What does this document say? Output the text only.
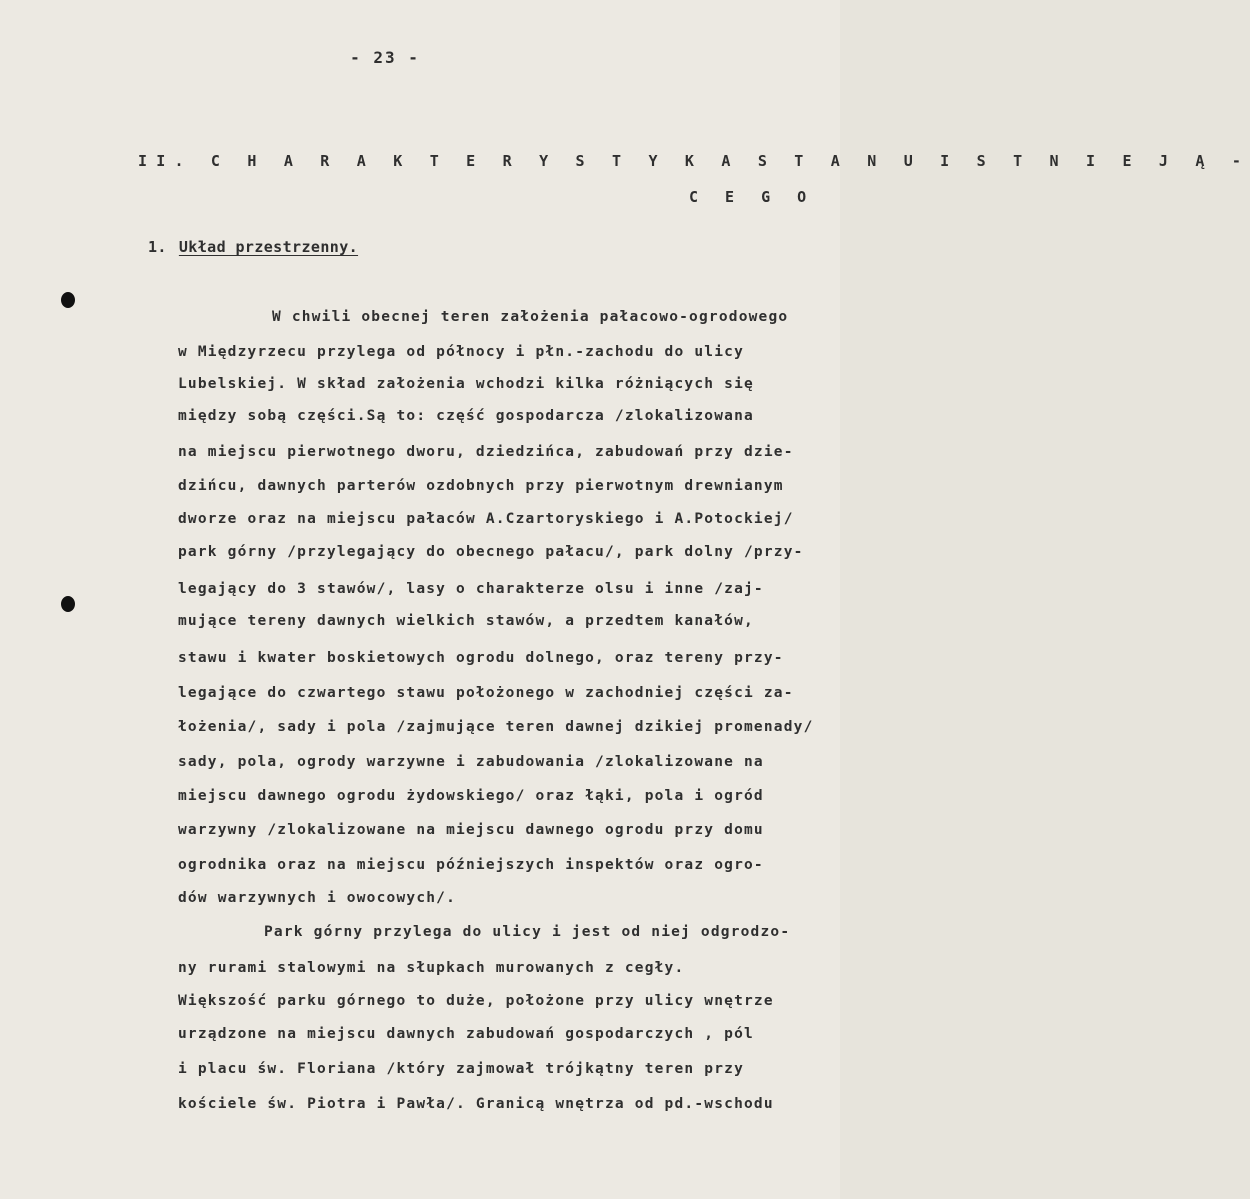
- 23 -
II. C H A R A K T E R Y S T Y K A S T A N U I S T N I E J Ą -
C E G O
1. Układ przestrzenny.
W chwili obecnej teren założenia pałacowo-ogrodowego
w Międzyrzecu przylega od północy i płn.-zachodu do ulicy
Lubelskiej. W skład założenia wchodzi kilka różniących się
między sobą części.Są to: część gospodarcza /zlokalizowana
na miejscu pierwotnego dworu, dziedzińca, zabudowań przy dzie-
dzińcu, dawnych parterów ozdobnych przy pierwotnym drewnianym
dworze oraz na miejscu pałaców A.Czartoryskiego i A.Potockiej/
park górny /przylegający do obecnego pałacu/, park dolny /przy-
legający do 3 stawów/, lasy o charakterze olsu i inne /zaj-
mujące tereny dawnych wielkich stawów, a przedtem kanałów,
stawu i kwater boskietowych ogrodu dolnego, oraz tereny przy-
legające do czwartego stawu położonego w zachodniej części za-
łożenia/, sady i pola /zajmujące teren dawnej dzikiej promenady/
sady, pola, ogrody warzywne i zabudowania /zlokalizowane na
miejscu dawnego ogrodu żydowskiego/ oraz łąki, pola i ogród
warzywny /zlokalizowane na miejscu dawnego ogrodu przy domu
ogrodnika oraz na miejscu późniejszych inspektów oraz ogro-
dów warzywnych i owocowych/.
Park górny przylega do ulicy i jest od niej odgrodzo-
ny rurami stalowymi na słupkach murowanych z cegły.
Większość parku górnego to duże, położone przy ulicy wnętrze
urządzone na miejscu dawnych zabudowań gospodarczych , pól
i placu św. Floriana /który zajmował trójkątny teren przy
kościele św. Piotra i Pawła/. Granicą wnętrza od pd.-wschodu
